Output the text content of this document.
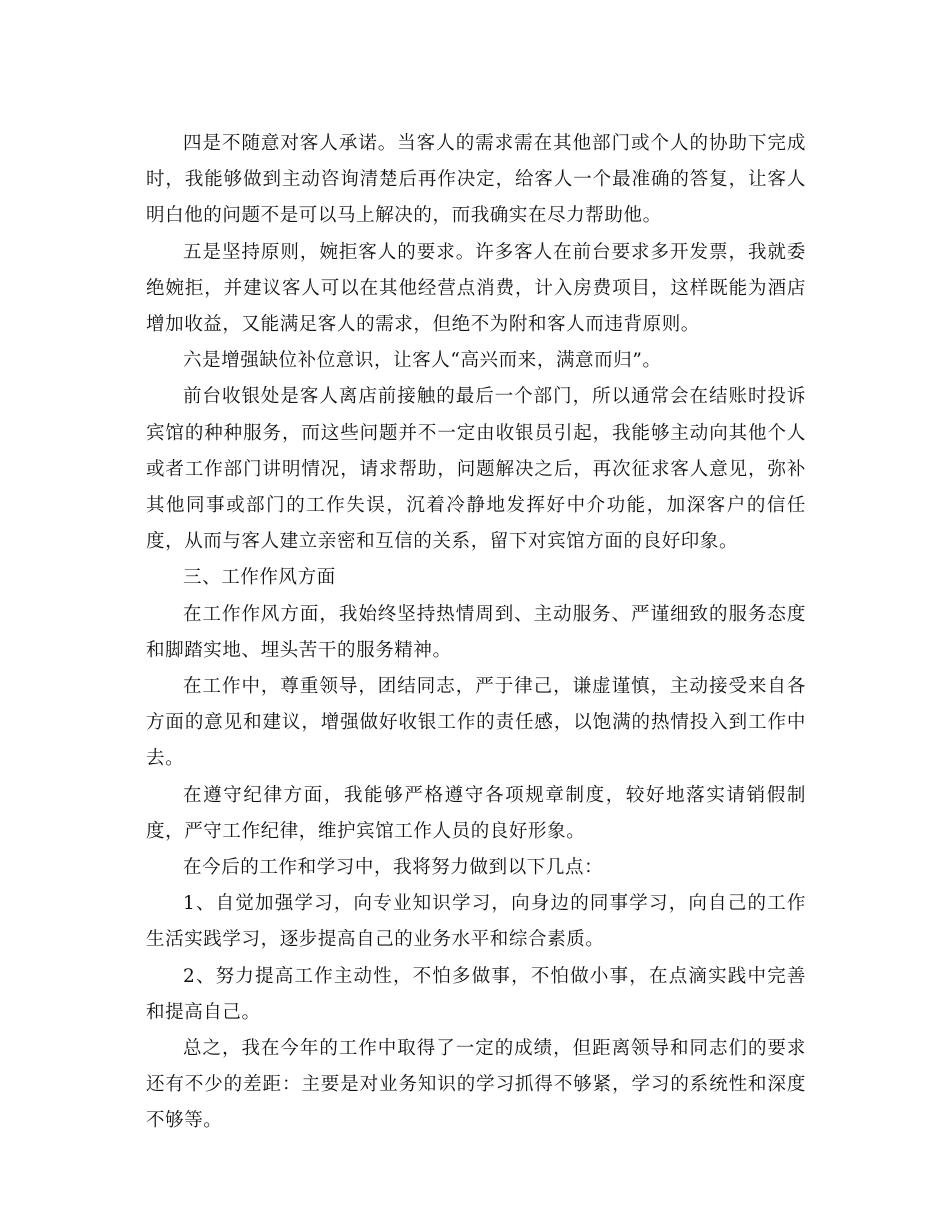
四是不随意对客人承诺。当客人的需求需在其他部门或个人的协助下完成时，我能够做到主动咨询清楚后再作决定，给客人一个最准确的答复，让客人明白他的问题不是可以马上解决的，而我确实在尽力帮助他。

五是坚持原则，婉拒客人的要求。许多客人在前台要求多开发票，我就委绝婉拒，并建议客人可以在其他经营点消费，计入房费项目，这样既能为酒店增加收益，又能满足客人的需求，但绝不为附和客人而违背原则。

六是增强缺位补位意识，让客人“高兴而来，满意而归”。

前台收银处是客人离店前接触的最后一个部门，所以通常会在结账时投诉宾馆的种种服务，而这些问题并不一定由收银员引起，我能够主动向其他个人或者工作部门讲明情况，请求帮助，问题解决之后，再次征求客人意见，弥补其他同事或部门的工作失误，沉着冷静地发挥好中介功能，加深客户的信任度，从而与客人建立亲密和互信的关系，留下对宾馆方面的良好印象。

三、工作作风方面

在工作作风方面，我始终坚持热情周到、主动服务、严谨细致的服务态度和脚踏实地、埋头苦干的服务精神。

在工作中，尊重领导，团结同志，严于律己，谦虚谨慎，主动接受来自各方面的意见和建议，增强做好收银工作的责任感，以饱满的热情投入到工作中去。

在遵守纪律方面，我能够严格遵守各项规章制度，较好地落实请销假制度，严守工作纪律，维护宾馆工作人员的良好形象。

在今后的工作和学习中，我将努力做到以下几点：

1、自觉加强学习，向专业知识学习，向身边的同事学习，向自己的工作生活实践学习，逐步提高自己的业务水平和综合素质。

2、努力提高工作主动性，不怕多做事，不怕做小事，在点滴实践中完善和提高自己。

总之，我在今年的工作中取得了一定的成绩，但距离领导和同志们的要求还有不少的差距：主要是对业务知识的学习抓得不够紧，学习的系统性和深度不够等。
